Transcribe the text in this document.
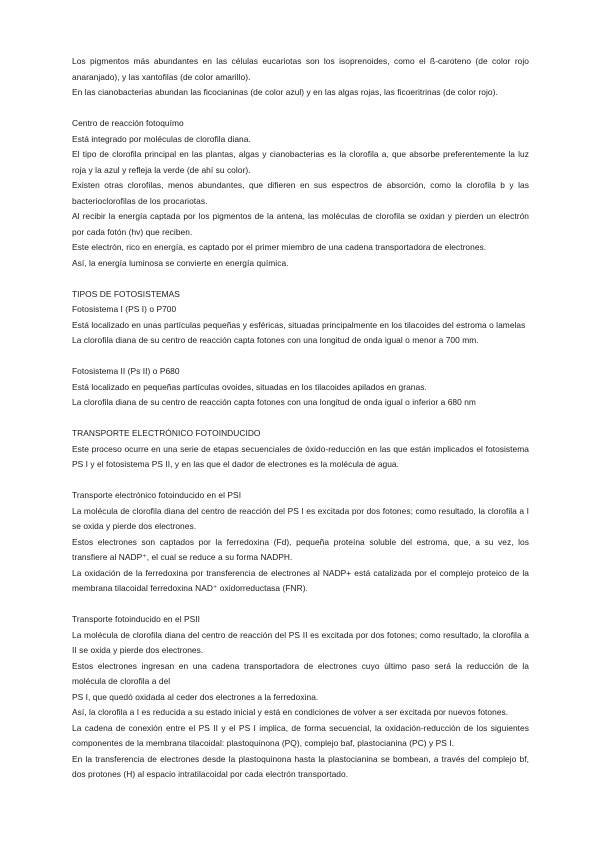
Los pigmentos más abundantes en las células eucariotas son los isoprenoides, como el ß-caroteno (de color rojo anaranjado), y las xantofilas (de color amarillo).

En las cianobacterias abundan las ficocianinas (de color azul) y en las algas rojas, las ficoeritrinas (de color rojo).

Centro de reacción fotoquímo

Está integrado por moléculas de clorofila diana.

El tipo de clorofila principal en las plantas, algas y cianobacterias es la clorofila a, que absorbe preferentemente la luz roja y la azul y refleja la verde (de ahí su color).

Existen otras clorofilas, menos abundantes, que difieren en sus espectros de absorción, como la clorofila b y las bacterioclorofilas de los procariotas.

Al recibir la energía captada por los pigmentos de la antena, las moléculas de clorofila se oxidan y pierden un electrón por cada fotón (hv) que reciben.

Este electrón, rico en energía, es captado por el primer miembro de una cadena transportadora de electrones.

Así, la energía luminosa se convierte en energía química.

TIPOS DE FOTOSISTEMAS

Fotosistema I (PS I) o P700

Está localizado en unas partículas pequeñas y esféricas, situadas principalmente en los tilacoides del estroma o lamelas

La clorofila diana de su centro de reacción capta fotones con una longitud de onda igual o menor a 700 mm.

Fotosistema II (Ps II) o P680

Está localizado en pequeñas partículas ovoides, situadas en los tilacoides apilados en granas.

La clorofila diana de su centro de reacción capta fotones con una longitud de onda igual o inferior a 680 nm

TRANSPORTE ELECTRÓNICO FOTOINDUCIDO

Este proceso ocurre en una serie de etapas secuenciales de óxido-reducción en las que están implicados el fotosistema PS I y el fotosistema PS II, y en las que el dador de electrones es la molécula de agua.

Transporte electrónico fotoinducido en el PSI

La molécula de clorofila diana del centro de reacción del PS I es excitada por dos fotones; como resultado, la clorofila a I se oxida y pierde dos electrones.

Estos electrones son captados por la ferredoxina (Fd), pequeña proteína soluble del estroma, que, a su vez, los transfiere al NADP⁺, el cual se reduce a su forma NADPH.

La oxidación de la ferredoxina por transferencia de electrones al NADP+ está catalizada por el complejo proteico de la membrana tilacoidal ferredoxina NAD⁺ oxidorreductasa (FNR).

Transporte fotoinducido en el PSII

La molécula de clorofila diana del centro de reacción del PS II es excitada por dos fotones; como resultado, la clorofila a II se oxida y pierde dos electrones.

Estos electrones ingresan en una cadena transportadora de electrones cuyo último paso será la reducción de la molécula de clorofila a del

PS I, que quedó oxidada al ceder dos electrones a la ferredoxina.

Así, la clorofila a I es reducida a su estado inicial y está en condiciones de volver a ser excitada por nuevos fotones.

La cadena de conexión entre el PS II y el PS I implica, de forma secuencial, la oxidación-reducción de los siguientes componentes de la membrana tilacoidal: plastoquinona (PQ), complejo baf, plastocianina (PC) y PS I.

En la transferencia de electrones desde la plastoquinona hasta la plastocianina se bombean, a través del complejo bf, dos protones (H) al espacio intratilacoidal por cada electrón transportado.
